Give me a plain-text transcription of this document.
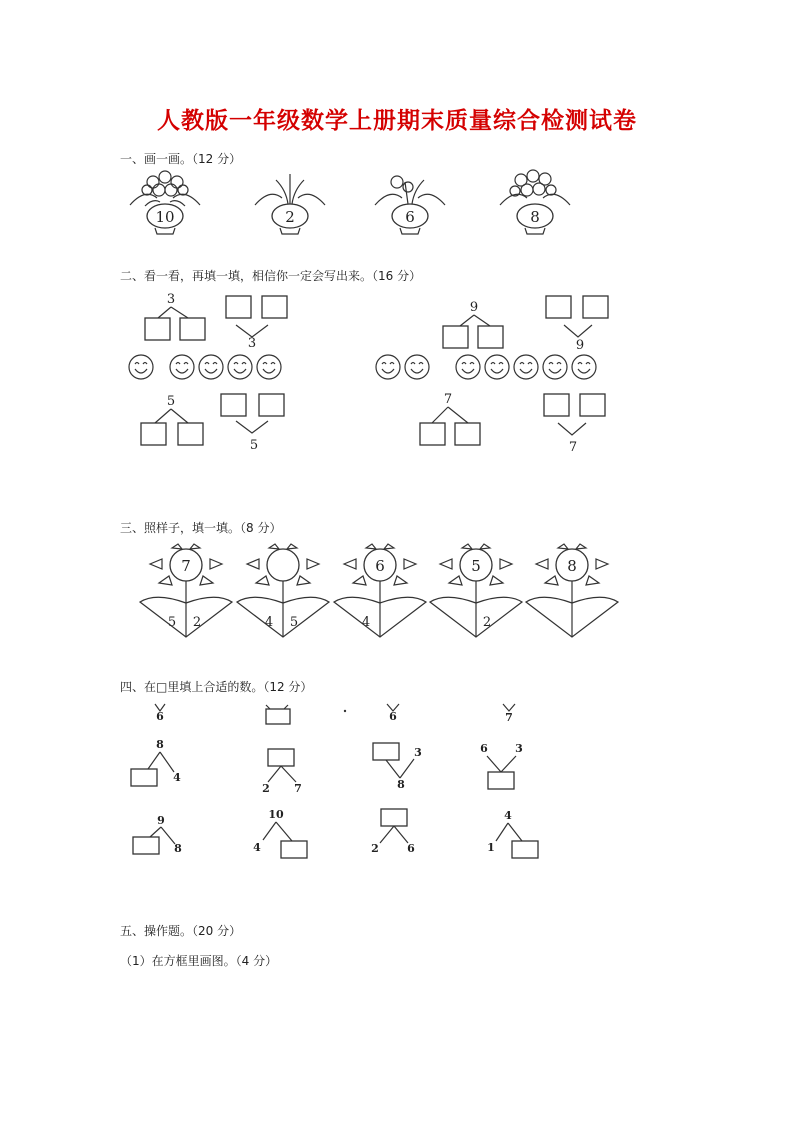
人教版一年级数学上册期末质量综合检测试卷
一、画一画。（12 分）
10	2	6	8
二、看一看，再填一填，相信你一定会写出来。（16 分）
3
3
9
9
5
5
7
7
三、照样子，填一填。（8 分）
7
5 2	4 5
6
4
5
2
8
四、在□里填上合适的数。（12 分）
6	6	7
8
4
2 7
3
8
6 3
9
8
10
4	2	6
4
1
五、操作题。（20 分）
（1）在方框里画图。（4 分）
